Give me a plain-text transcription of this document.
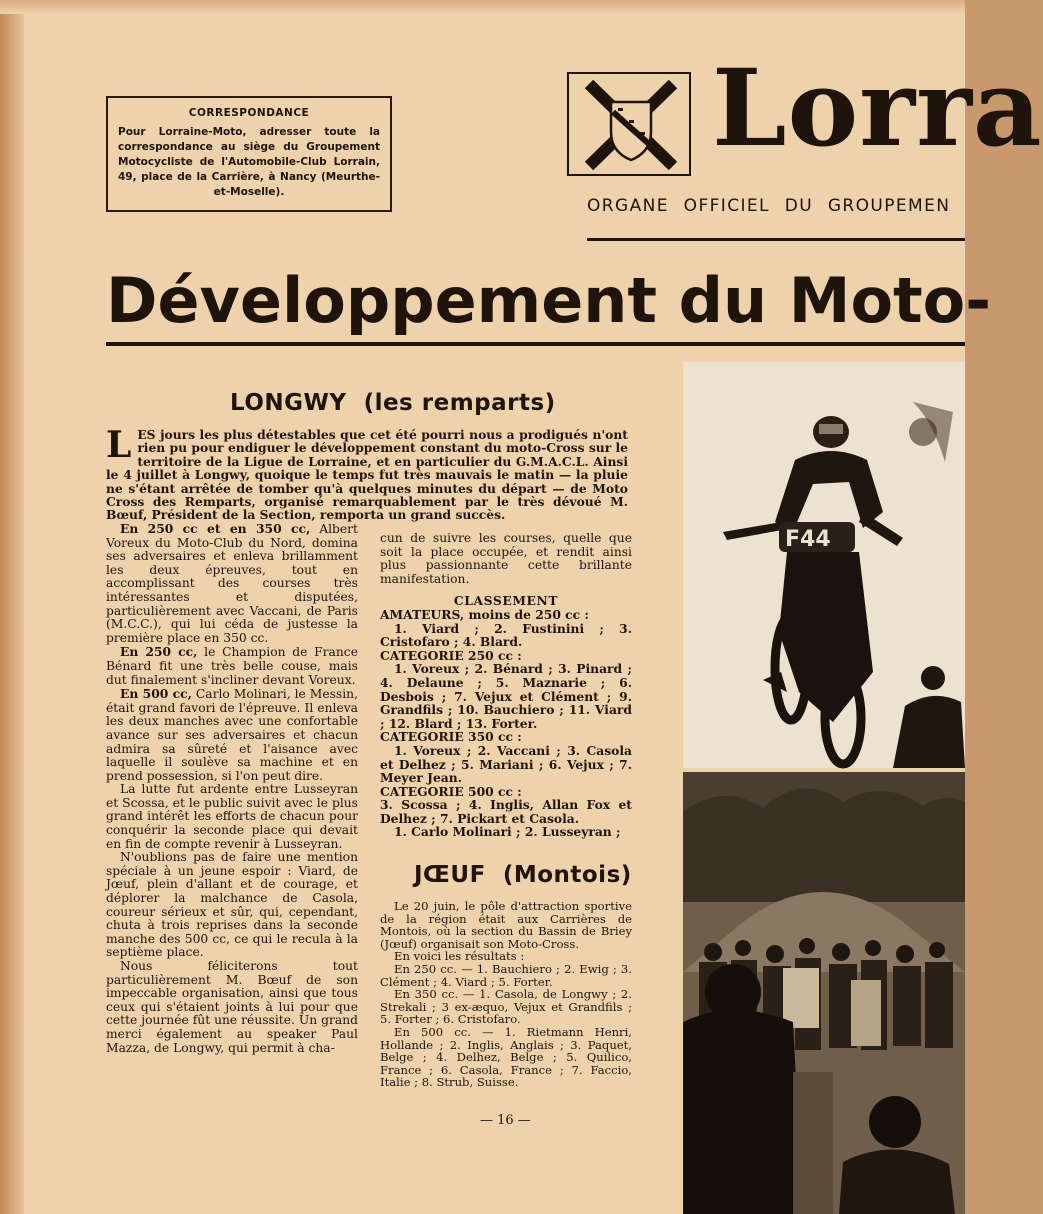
CORRESPONDANCE
Pour Lorraine-Moto, adresser toute la correspondance au siège du Groupement Motocycliste de l'Automobile-Club Lorrain, 49, place de la Carrière, à Nancy (Meurthe-et-Moselle).
Lorra
ORGANE OFFICIEL DU GROUPEMEN
Développement du Moto-
LONGWY (les remparts)
LES jours les plus détestables que cet été pourri nous a prodigués n'ont rien pu pour endiguer le développement constant du moto-Cross sur le territoire de la Ligue de Lorraine, et en particulier du G.M.A.C.L. Ainsi le 4 juillet à Longwy, quoique le temps fut très mauvais le matin — la pluie ne s'étant arrêtée de tomber qu'à quelques minutes du départ — de Moto Cross des Remparts, organisé remarquablement par le très dévoué M. Bœuf, Président de la Section, remporta un grand succès.

En 250 cc et en 350 cc, Albert Voreux du Moto-Club du Nord, domina ses adversaires et enleva brillamment les deux épreuves, tout en accomplissant des courses très intéressantes et disputées, particulièrement avec Vaccani, de Paris (M.C.C.), qui lui céda de justesse la première place en 350 cc.

En 250 cc, le Champion de France Bénard fit une très belle couse, mais dut finalement s'incliner devant Voreux.

En 500 cc, Carlo Molinari, le Messin, était grand favori de l'épreuve. Il enleva les deux manches avec une confortable avance sur ses adversaires et chacun admira sa sûreté et l'aisance avec laquelle il soulève sa machine et en prend possession, si l'on peut dire.

La lutte fut ardente entre Lusseyran et Scossa, et le public suivit avec le plus grand intérêt les efforts de chacun pour conquérir la seconde place qui devait en fin de compte revenir à Lusseyran.

N'oublions pas de faire une mention spéciale à un jeune espoir : Viard, de Jœuf, plein d'allant et de courage, et déplorer la malchance de Casola, coureur sérieux et sûr, qui, cependant, chuta à trois reprises dans la seconde manche des 500 cc, ce qui le recula à la septième place.

Nous féliciterons tout particulièrement M. Bœuf de son impeccable organisation, ainsi que tous ceux qui s'étaient joints à lui pour que cette journée fût une réussite. Un grand merci également au speaker Paul Mazza, de Longwy, qui permit à cha-

cun de suivre les courses, quelle que soit la place occupée, et rendit ainsi plus passionnante cette brillante manifestation.

CLASSEMENT
AMATEURS, moins de 250 cc :

1. Viard ; 2. Fustinini ; 3. Cristofaro ; 4. Blard.

CATEGORIE 250 cc :

1. Voreux ; 2. Bénard ; 3. Pinard ; 4. Delaune ; 5. Maznarie ; 6. Desbois ; 7. Vejux et Clément ; 9. Grandfils ; 10. Bauchiero ; 11. Viard ; 12. Blard ; 13. Forter.

CATEGORIE 350 cc :

1. Voreux ; 2. Vaccani ; 3. Casola et Delhez ; 5. Mariani ; 6. Vejux ; 7. Meyer Jean.

CATEGORIE 500 cc :

3. Scossa ; 4. Inglis, Allan Fox et Delhez ; 7. Pickart et Casola.

1. Carlo Molinari ; 2. Lusseyran ;

JŒUF (Montois)

Le 20 juin, le pôle d'attraction sportive de la région était aux Carrières de Montois, où la section du Bassin de Briey (Jœuf) organisait son Moto-Cross.

En voici les résultats :

En 250 cc. — 1. Bauchiero ; 2. Ewig ; 3. Clément ; 4. Viard ; 5. Forter.

En 350 cc. — 1. Casola, de Longwy ; 2. Strekali ; 3 ex-æquo, Vejux et Grandfils ; 5. Forter ; 6. Cristofaro.

En 500 cc. — 1. Rietmann Henri, Hollande ; 2. Inglis, Anglais ; 3. Paquet, Belge ; 4. Delhez, Belge ; 5. Quilico, France ; 6. Casola, France ; 7. Faccio, Italie ; 8. Strub, Suisse.

— 16 —
F44
